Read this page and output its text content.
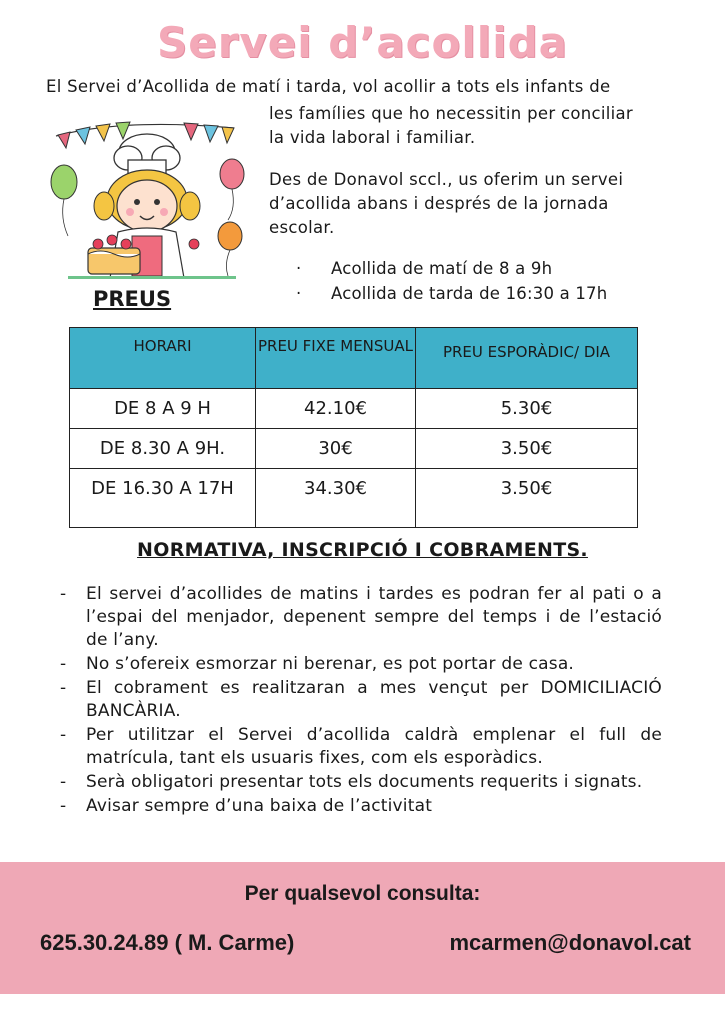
Servei d’acollida
El Servei d’Acollida de matí i tarda, vol acollir a tots els infants de
les famílies que ho necessitin per conciliar la vida laboral i familiar.
Des de Donavol sccl., us oferim un servei d’acollida abans i després de la jornada escolar.
·	Acollida de matí de 8 a 9h
·	Acollida de tarda de 16:30 a 17h
PREUS
HORARI	PREU FIXE MENSUAL	PREU ESPORÀDIC/ DIA
DE 8 A 9 H	42.10€	5.30€
DE 8.30 A 9H.	30€	3.50€
DE 16.30 A 17H	34.30€	3.50€
NORMATIVA, INSCRIPCIÓ I COBRAMENTS.
-	El servei d’acollides de matins i tardes es podran fer al pati o a l’espai del menjador, depenent sempre del temps i de l’estació de l’any.
-	No s’ofereix esmorzar ni berenar, es pot portar de casa.
-	El cobrament es realitzaran a mes vençut per DOMICILIACIÓ BANCÀRIA.
-	Per utilitzar el Servei d’acollida caldrà emplenar el full de matrícula, tant els usuaris fixes, com els esporàdics.
-	Serà obligatori presentar tots els documents requerits i signats.
-	Avisar sempre d’una baixa de l’activitat
Per qualsevol consulta:
625.30.24.89 ( M. Carme)	mcarmen@donavol.cat
